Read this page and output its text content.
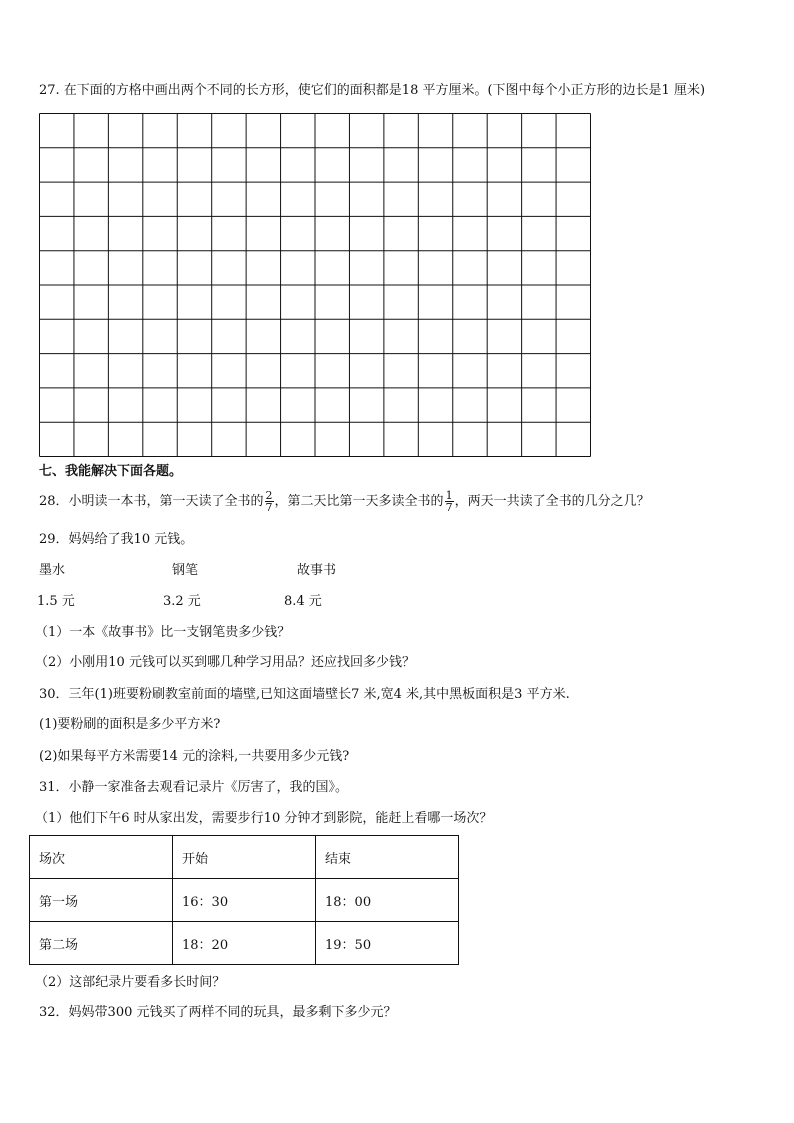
27. 在下面的方格中画出两个不同的长方形，使它们的面积都是18 平方厘米。(下图中每个小正方形的边长是1 厘米)
七、我能解决下面各题。
28．小明读一本书，第一天读了全书的 $\frac{2}{7}$ ，第二天比第一天多读全书的 $\frac{1}{7}$ ，两天一共读了全书的几分之几？
29．妈妈给了我10 元钱。
墨水	钢笔	故事书
1.5 元	3.2 元	8.4 元
（1）一本《故事书》比一支钢笔贵多少钱？
（2）小刚用10 元钱可以买到哪几种学习用品？还应找回多少钱？
30．三年(1)班要粉刷教室前面的墙壁,已知这面墙壁长7 米,宽4 米,其中黑板面积是3 平方米.
(1)要粉刷的面积是多少平方米?
(2)如果每平方米需要14 元的涂料,一共要用多少元钱?
31．小静一家准备去观看记录片《厉害了，我的国》。
（1）他们下午6 时从家出发，需要步行10 分钟才到影院，能赶上看哪一场次？
场次	开始	结束
第一场	16：30	18：00
第二场	18：20	19：50
（2）这部纪录片要看多长时间？
32．妈妈带300 元钱买了两样不同的玩具，最多剩下多少元？
